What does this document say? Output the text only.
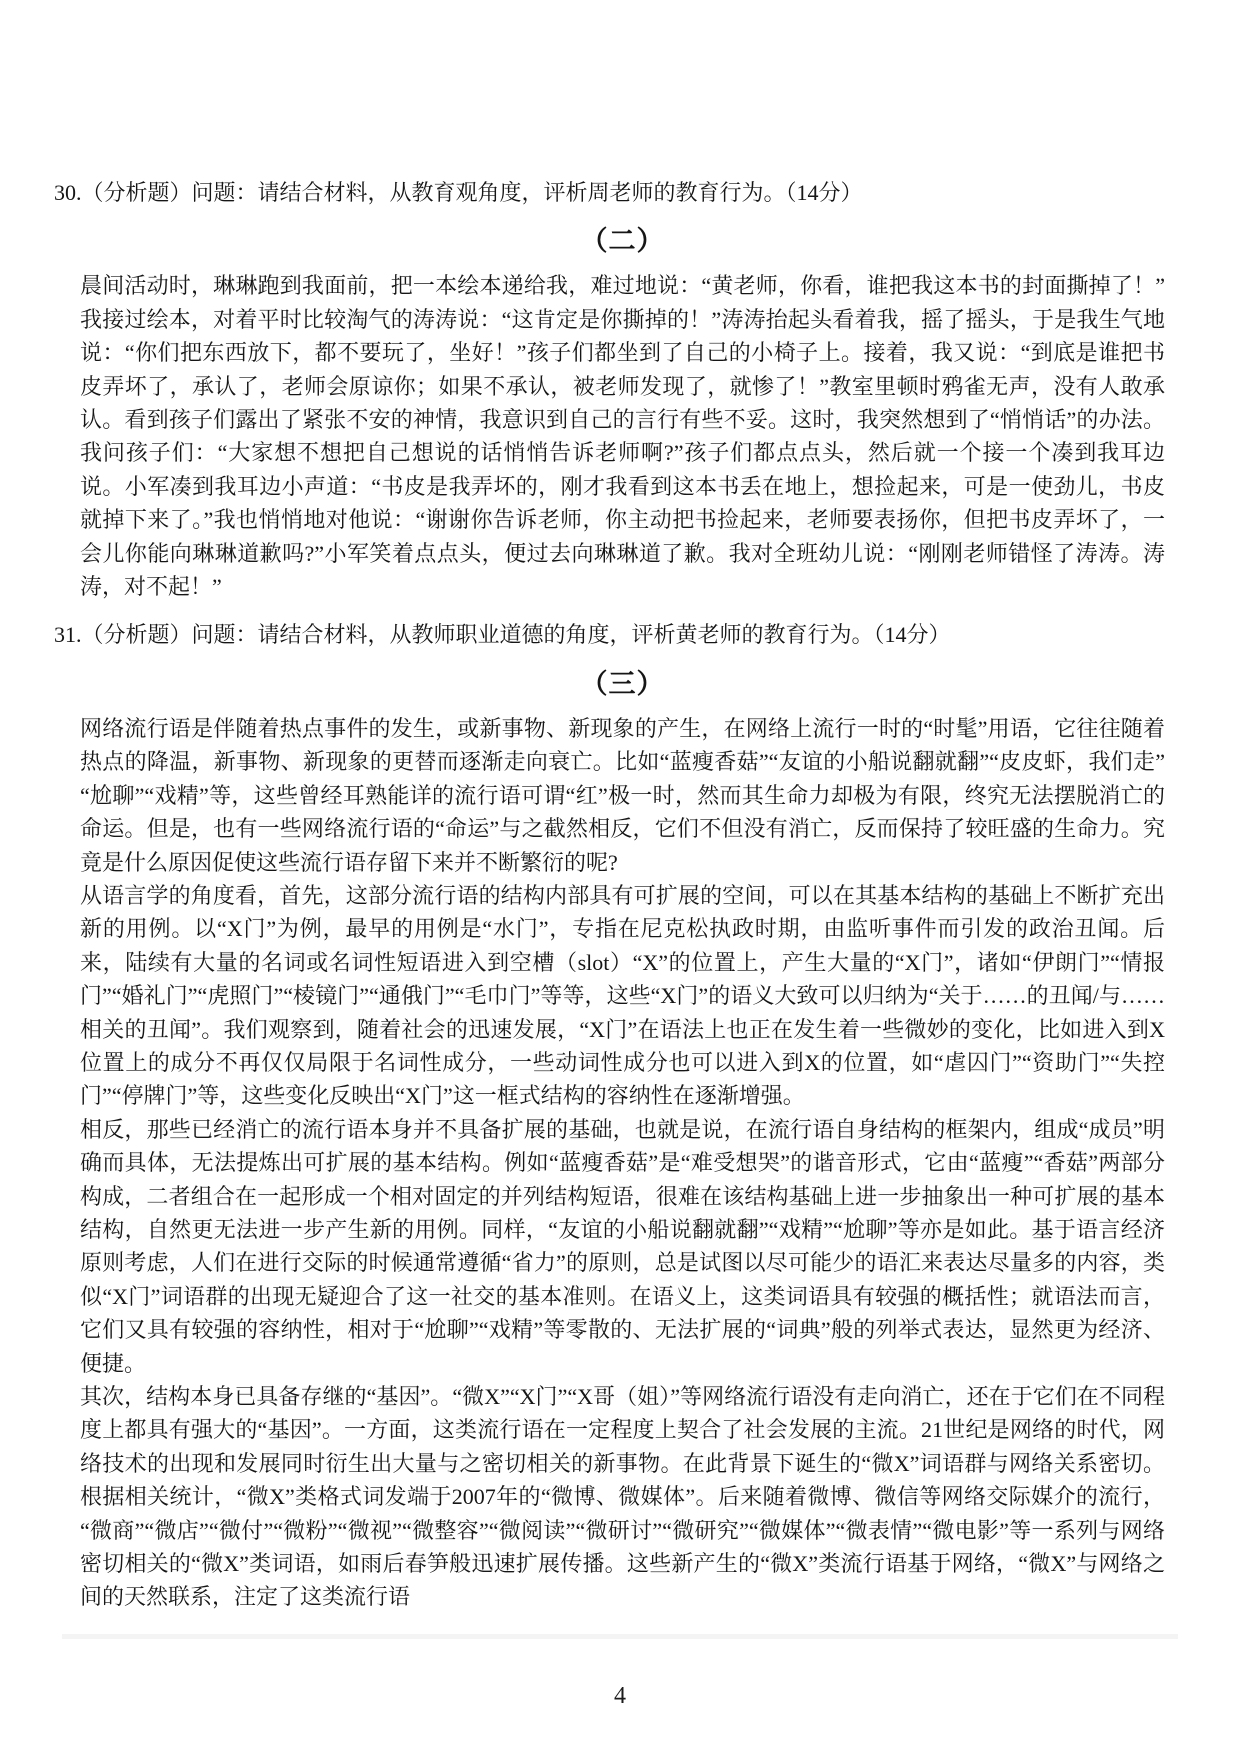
30.（分析题）问题：请结合材料，从教育观角度，评析周老师的教育行为。（14分）

（二）

晨间活动时，琳琳跑到我面前，把一本绘本递给我，难过地说：“黄老师，你看，谁把我这本书的封面撕掉了！”我接过绘本，对着平时比较淘气的涛涛说：“这肯定是你撕掉的！”涛涛抬起头看着我，摇了摇头，于是我生气地说：“你们把东西放下，都不要玩了，坐好！”孩子们都坐到了自己的小椅子上。接着，我又说：“到底是谁把书皮弄坏了，承认了，老师会原谅你；如果不承认，被老师发现了，就惨了！”教室里顿时鸦雀无声，没有人敢承认。看到孩子们露出了紧张不安的神情，我意识到自己的言行有些不妥。这时，我突然想到了“悄悄话”的办法。我问孩子们：“大家想不想把自己想说的话悄悄告诉老师啊?”孩子们都点点头，然后就一个接一个凑到我耳边说。小军凑到我耳边小声道：“书皮是我弄坏的，刚才我看到这本书丢在地上，想捡起来，可是一使劲儿，书皮就掉下来了。”我也悄悄地对他说：“谢谢你告诉老师，你主动把书捡起来，老师要表扬你，但把书皮弄坏了，一会儿你能向琳琳道歉吗?”小军笑着点点头，便过去向琳琳道了歉。我对全班幼儿说：“刚刚老师错怪了涛涛。涛涛，对不起！”

31.（分析题）问题：请结合材料，从教师职业道德的角度，评析黄老师的教育行为。（14分）

（三）

网络流行语是伴随着热点事件的发生，或新事物、新现象的产生，在网络上流行一时的“时髦”用语，它往往随着热点的降温，新事物、新现象的更替而逐渐走向衰亡。比如“蓝瘦香菇”“友谊的小船说翻就翻”“皮皮虾，我们走”“尬聊”“戏精”等，这些曾经耳熟能详的流行语可谓“红”极一时，然而其生命力却极为有限，终究无法摆脱消亡的命运。但是，也有一些网络流行语的“命运”与之截然相反，它们不但没有消亡，反而保持了较旺盛的生命力。究竟是什么原因促使这些流行语存留下来并不断繁衍的呢?

从语言学的角度看，首先，这部分流行语的结构内部具有可扩展的空间，可以在其基本结构的基础上不断扩充出新的用例。以“X门”为例，最早的用例是“水门”，专指在尼克松执政时期，由监听事件而引发的政治丑闻。后来，陆续有大量的名词或名词性短语进入到空槽（slot）“X”的位置上，产生大量的“X门”，诸如“伊朗门”“情报门”“婚礼门”“虎照门”“棱镜门”“通俄门”“毛巾门”等等，这些“X门”的语义大致可以归纳为“关于……的丑闻/与……相关的丑闻”。我们观察到，随着社会的迅速发展，“X门”在语法上也正在发生着一些微妙的变化，比如进入到X位置上的成分不再仅仅局限于名词性成分，一些动词性成分也可以进入到X的位置，如“虐囚门”“资助门”“失控门”“停牌门”等，这些变化反映出“X门”这一框式结构的容纳性在逐渐增强。

相反，那些已经消亡的流行语本身并不具备扩展的基础，也就是说，在流行语自身结构的框架内，组成“成员”明确而具体，无法提炼出可扩展的基本结构。例如“蓝瘦香菇”是“难受想哭”的谐音形式，它由“蓝瘦”“香菇”两部分构成，二者组合在一起形成一个相对固定的并列结构短语，很难在该结构基础上进一步抽象出一种可扩展的基本结构，自然更无法进一步产生新的用例。同样，“友谊的小船说翻就翻”“戏精”“尬聊”等亦是如此。基于语言经济原则考虑，人们在进行交际的时候通常遵循“省力”的原则，总是试图以尽可能少的语汇来表达尽量多的内容，类似“X门”词语群的出现无疑迎合了这一社交的基本准则。在语义上，这类词语具有较强的概括性；就语法而言，它们又具有较强的容纳性，相对于“尬聊”“戏精”等零散的、无法扩展的“词典”般的列举式表达，显然更为经济、便捷。

其次，结构本身已具备存继的“基因”。“微X”“X门”“X哥（姐）”等网络流行语没有走向消亡，还在于它们在不同程度上都具有强大的“基因”。一方面，这类流行语在一定程度上契合了社会发展的主流。21世纪是网络的时代，网络技术的出现和发展同时衍生出大量与之密切相关的新事物。在此背景下诞生的“微X”词语群与网络关系密切。根据相关统计，“微X”类格式词发端于2007年的“微博、微媒体”。后来随着微博、微信等网络交际媒介的流行，“微商”“微店”“微付”“微粉”“微视”“微整容”“微阅读”“微研讨”“微研究”“微媒体”“微表情”“微电影”等一系列与网络密切相关的“微X”类词语，如雨后春笋般迅速扩展传播。这些新产生的“微X”类流行语基于网络，“微X”与网络之间的天然联系，注定了这类流行语

4
